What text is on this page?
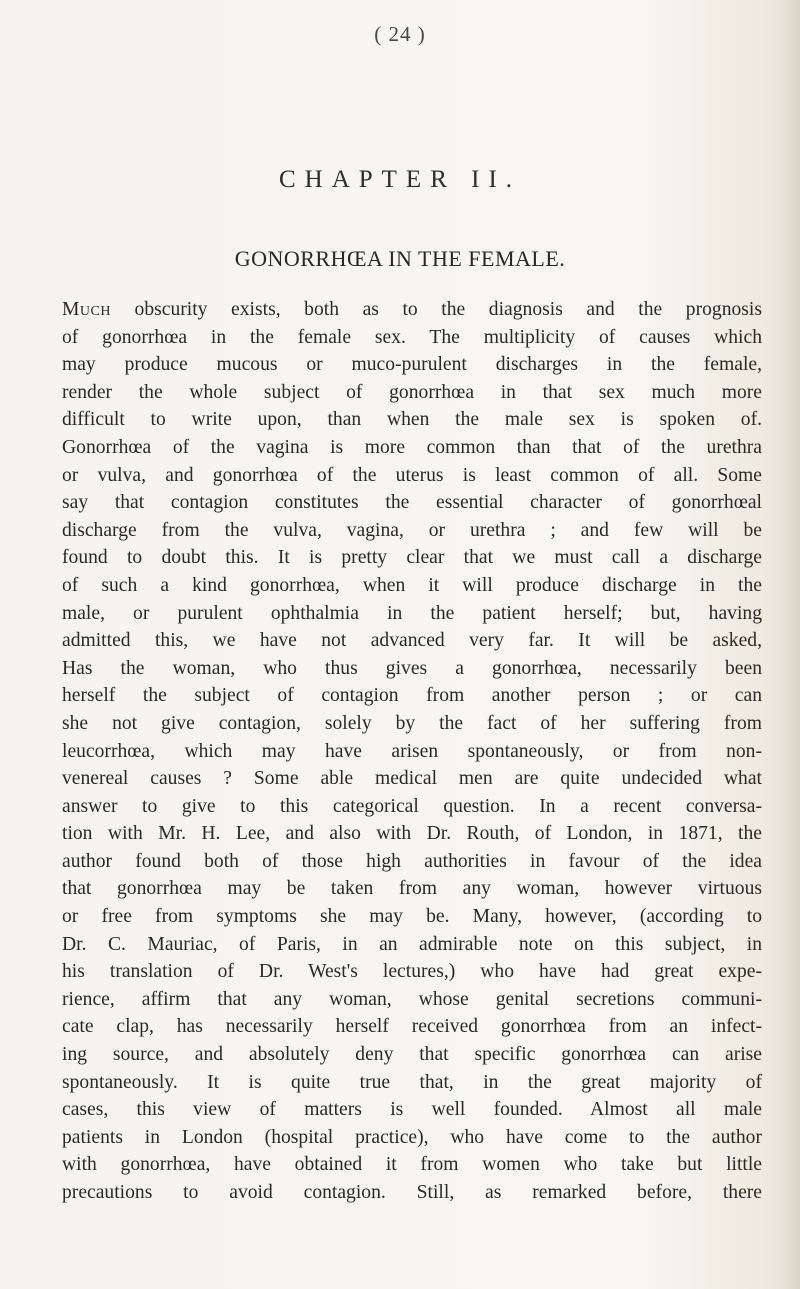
( 24 )
CHAPTER II.
GONORRHŒA IN THE FEMALE.
Much obscurity exists, both as to the diagnosis and the prognosis
of gonorrhœa in the female sex. The multiplicity of causes which
may produce mucous or muco-purulent discharges in the female,
render the whole subject of gonorrhœa in that sex much more
difficult to write upon, than when the male sex is spoken of.
Gonorrhœa of the vagina is more common than that of the urethra
or vulva, and gonorrhœa of the uterus is least common of all. Some
say that contagion constitutes the essential character of gonorrhœal
discharge from the vulva, vagina, or urethra ; and few will be
found to doubt this. It is pretty clear that we must call a discharge
of such a kind gonorrhœa, when it will produce discharge in the
male, or purulent ophthalmia in the patient herself; but, having
admitted this, we have not advanced very far. It will be asked,
Has the woman, who thus gives a gonorrhœa, necessarily been
herself the subject of contagion from another person ; or can
she not give contagion, solely by the fact of her suffering from
leucorrhœa, which may have arisen spontaneously, or from non-
venereal causes ? Some able medical men are quite undecided what
answer to give to this categorical question. In a recent conversa-
tion with Mr. H. Lee, and also with Dr. Routh, of London, in 1871, the
author found both of those high authorities in favour of the idea
that gonorrhœa may be taken from any woman, however virtuous
or free from symptoms she may be. Many, however, (according to
Dr. C. Mauriac, of Paris, in an admirable note on this subject, in
his translation of Dr. West's lectures,) who have had great expe-
rience, affirm that any woman, whose genital secretions communi-
cate clap, has necessarily herself received gonorrhœa from an infect-
ing source, and absolutely deny that specific gonorrhœa can arise
spontaneously. It is quite true that, in the great majority of
cases, this view of matters is well founded. Almost all male
patients in London (hospital practice), who have come to the author
with gonorrhœa, have obtained it from women who take but little
precautions to avoid contagion. Still, as remarked before, there
